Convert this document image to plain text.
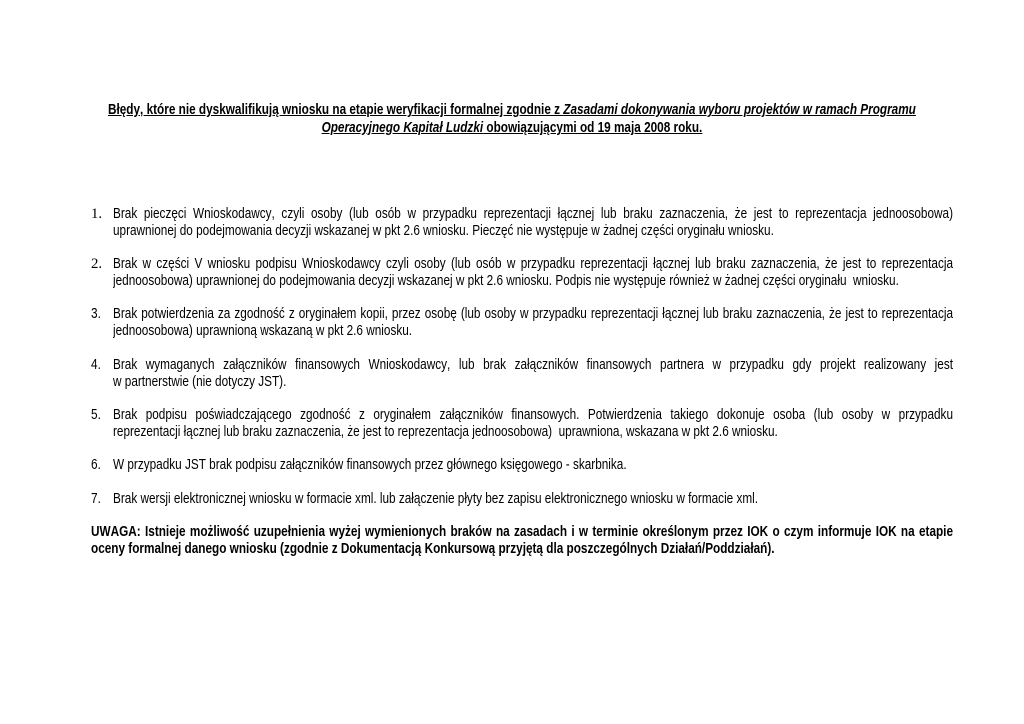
Błędy, które nie dyskwalifikują wniosku na etapie weryfikacji formalnej zgodnie z Zasadami dokonywania wyboru projektów w ramach Programu
Operacyjnego Kapitał Ludzki obowiązującymi od 19 maja 2008 roku.
1. Brak pieczęci Wnioskodawcy, czyli osoby (lub osób w przypadku reprezentacji łącznej lub braku zaznaczenia, że jest to reprezentacja jednoosobowa)
uprawnionej do podejmowania decyzji wskazanej w pkt 2.6 wniosku. Pieczęć nie występuje w żadnej części oryginału wniosku.
2. Brak w części V wniosku podpisu Wnioskodawcy czyli osoby (lub osób w przypadku reprezentacji łącznej lub braku zaznaczenia, że jest to reprezentacja
jednoosobowa) uprawnionej do podejmowania decyzji wskazanej w pkt 2.6 wniosku. Podpis nie występuje również w żadnej części oryginału  wniosku.
3. Brak potwierdzenia za zgodność z oryginałem kopii, przez osobę (lub osoby w przypadku reprezentacji łącznej lub braku zaznaczenia, że jest to reprezentacja
jednoosobowa) uprawnioną wskazaną w pkt 2.6 wniosku.
4. Brak wymaganych załączników finansowych Wnioskodawcy, lub brak załączników finansowych partnera w przypadku gdy projekt realizowany jest
w partnerstwie (nie dotyczy JST).
5. Brak podpisu poświadczającego zgodność z oryginałem załączników finansowych. Potwierdzenia takiego dokonuje osoba (lub osoby w przypadku
reprezentacji łącznej lub braku zaznaczenia, że jest to reprezentacja jednoosobowa)  uprawniona, wskazana w pkt 2.6 wniosku.
6. W przypadku JST brak podpisu załączników finansowych przez głównego księgowego - skarbnika.
7. Brak wersji elektronicznej wniosku w formacie xml. lub załączenie płyty bez zapisu elektronicznego wniosku w formacie xml.
UWAGA: Istnieje możliwość uzupełnienia wyżej wymienionych braków na zasadach i w terminie określonym przez IOK o czym informuje IOK na etapie
oceny formalnej danego wniosku (zgodnie z Dokumentacją Konkursową przyjętą dla poszczególnych Działań/Poddziałań).
